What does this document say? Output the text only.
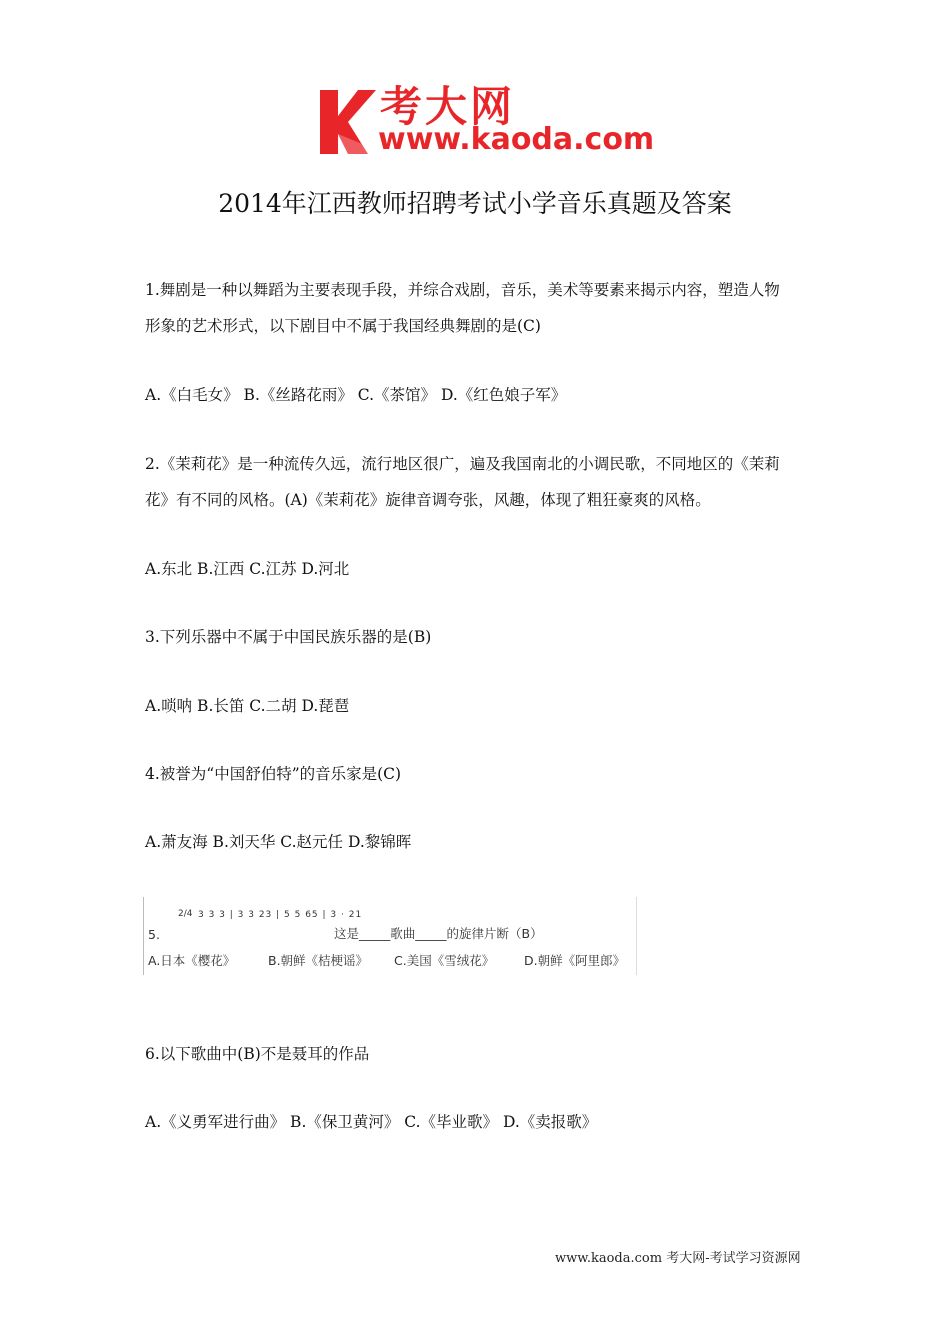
考大网
www.kaoda.com
2014年江西教师招聘考试小学音乐真题及答案
1.舞剧是一种以舞蹈为主要表现手段，并综合戏剧，音乐，美术等要素来揭示内容，塑造人物
形象的艺术形式，以下剧目中不属于我国经典舞剧的是(C)
A.《白毛女》 B.《丝路花雨》 C.《茶馆》 D.《红色娘子军》
2.《茉莉花》是一种流传久远，流行地区很广，遍及我国南北的小调民歌，不同地区的《茉莉
花》有不同的风格。(A)《茉莉花》旋律音调夸张，风趣，体现了粗狂豪爽的风格。
A.东北 B.江西 C.江苏 D.河北
3.下列乐器中不属于中国民族乐器的是(B)
A.唢呐 B.长笛 C.二胡 D.琵琶
4.被誉为“中国舒伯特”的音乐家是(C)
A.萧友海 B.刘天华 C.赵元任 D.黎锦晖
5.
2/4 3 3 3 | 3 3 23 | 5 5 65 | 3 · 21
这是_____歌曲_____的旋律片断（B）
A.日本《樱花》	B.朝鲜《桔梗谣》 C.美国《雪绒花》 D.朝鲜《阿里郎》
6.以下歌曲中(B)不是聂耳的作品
A.《义勇军进行曲》 B.《保卫黄河》 C.《毕业歌》 D.《卖报歌》
www.kaoda.com 考大网-考试学习资源网
